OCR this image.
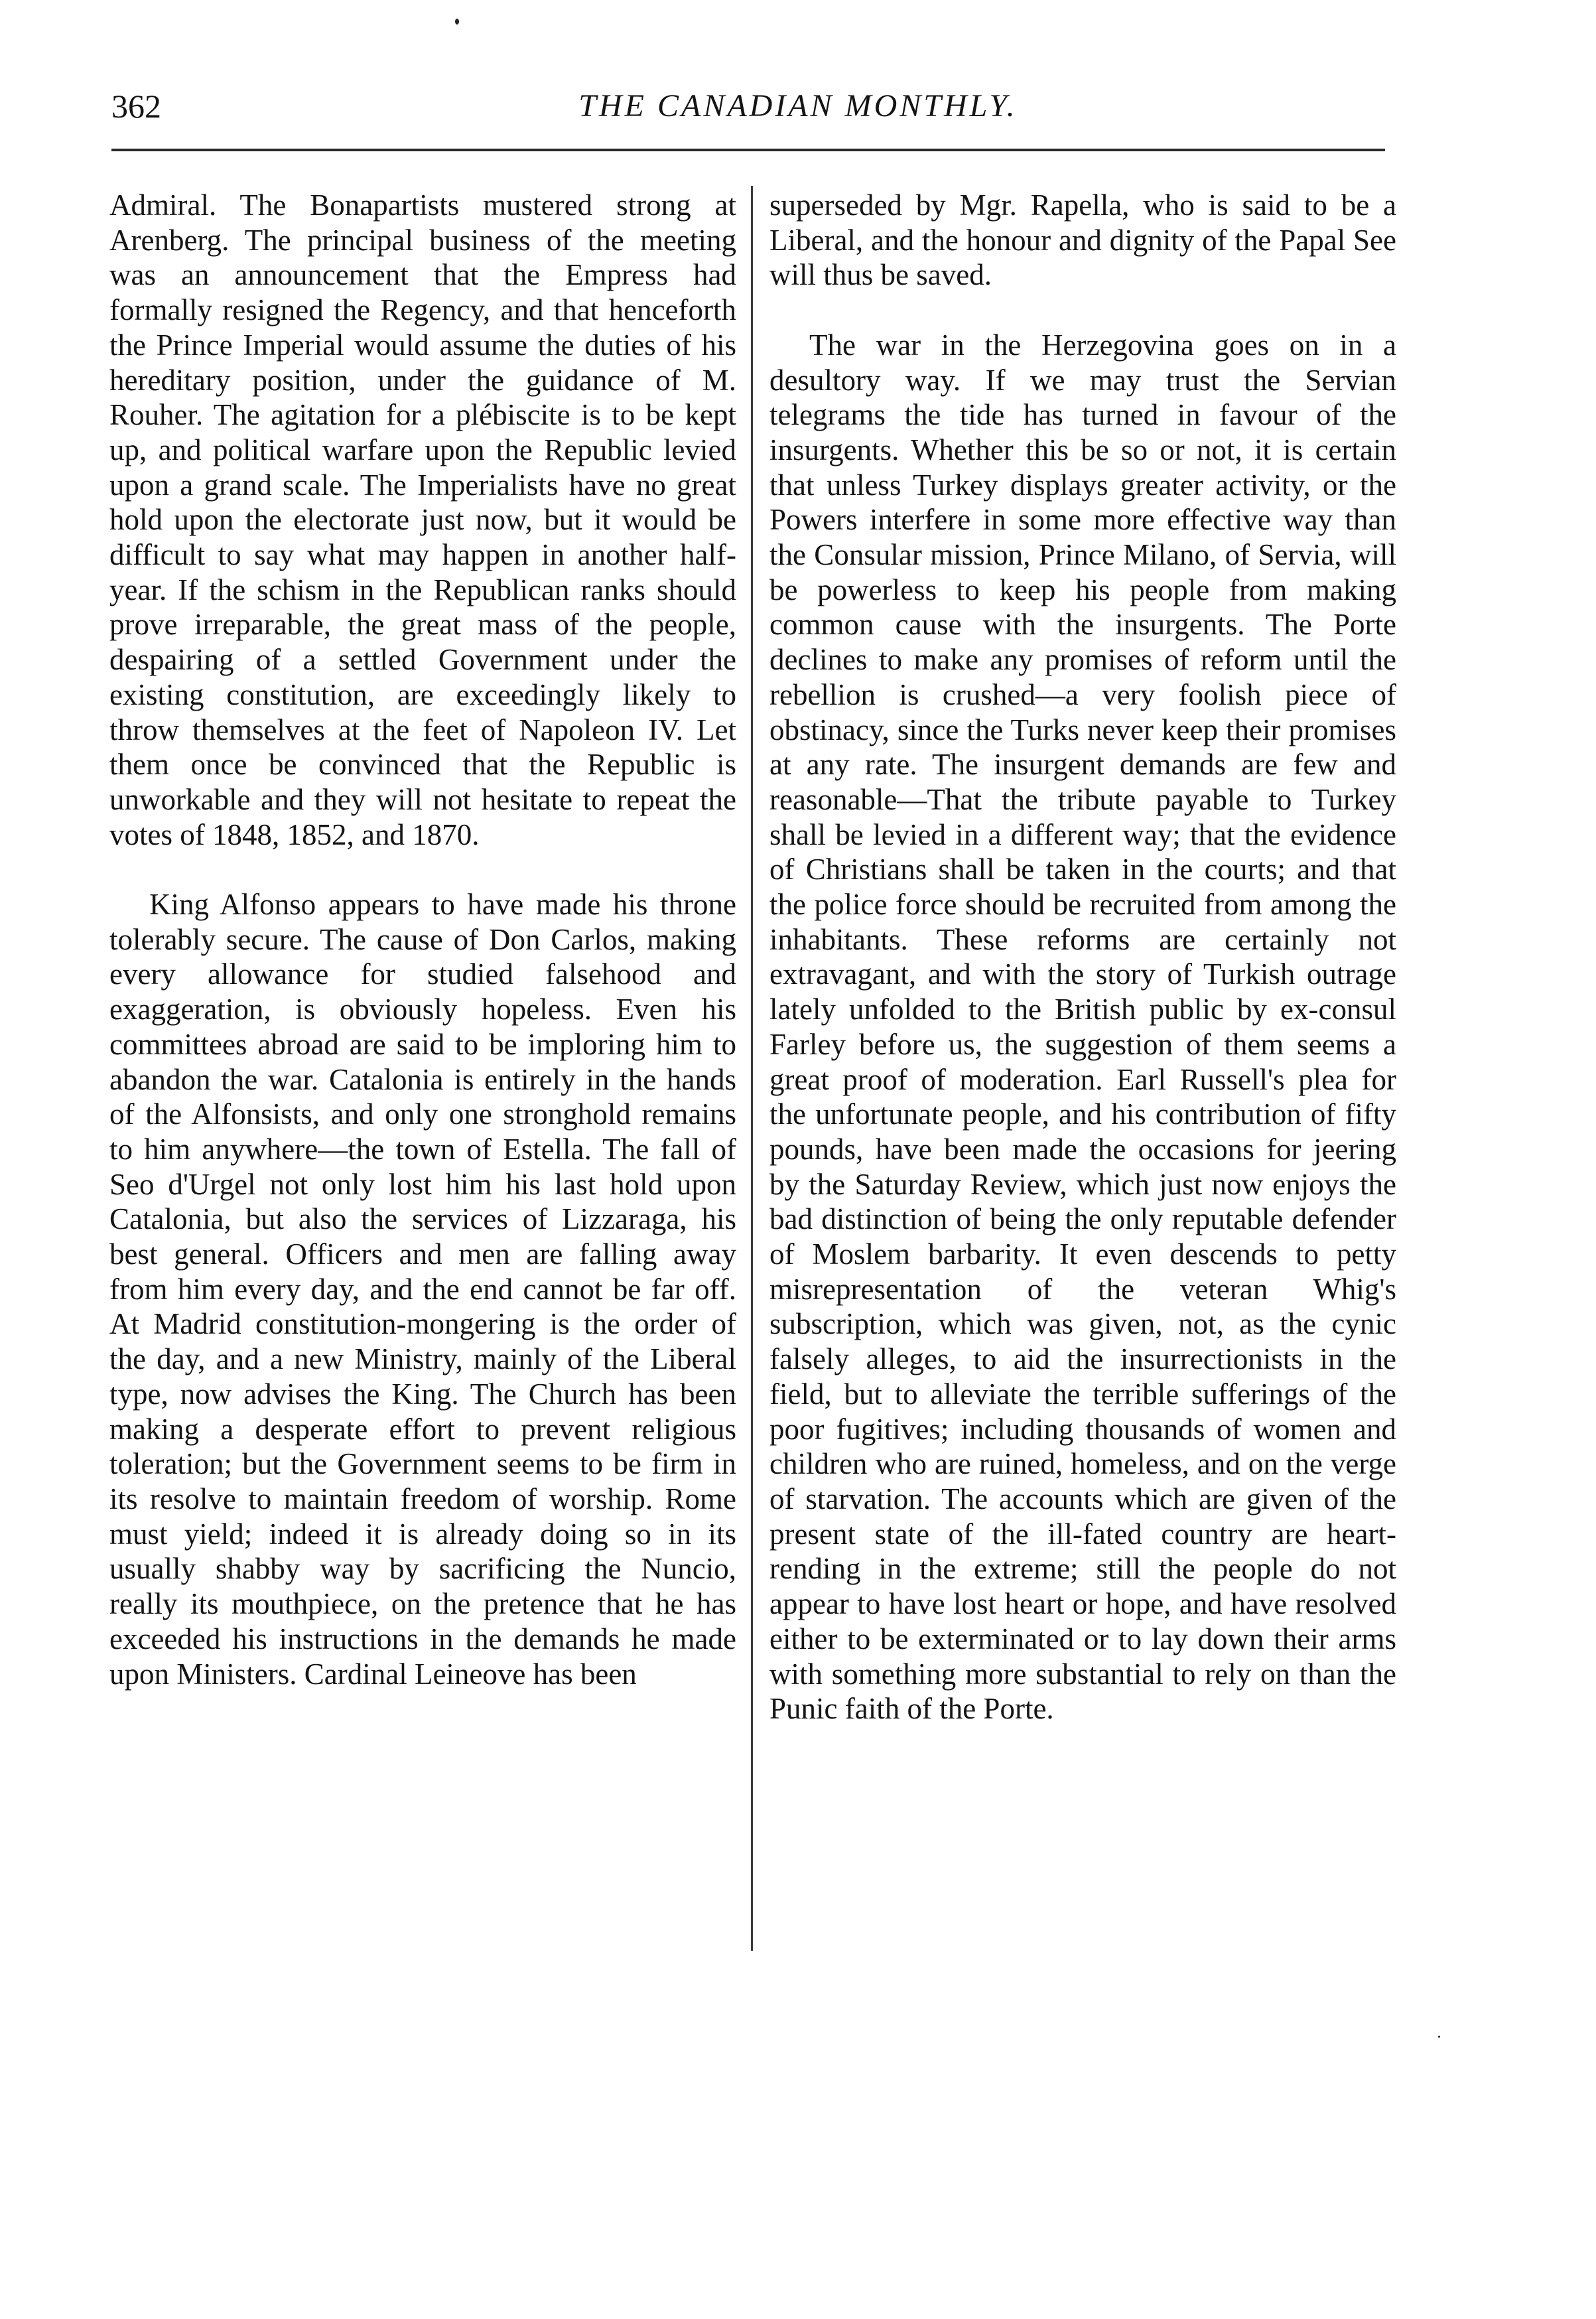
362	THE CANADIAN MONTHLY.

Admiral. The Bonapartists mustered strong at Arenberg. The principal business of the meeting was an announcement that the Empress had formally resigned the Regency, and that henceforth the Prince Imperial would assume the duties of his hereditary position, under the guidance of M. Rouher. The agitation for a plébiscite is to be kept up, and political warfare upon the Republic levied upon a grand scale. The Imperialists have no great hold upon the electorate just now, but it would be difficult to say what may happen in another half-year. If the schism in the Republican ranks should prove irreparable, the great mass of the people, despairing of a settled Government under the existing constitution, are exceedingly likely to throw themselves at the feet of Napoleon IV. Let them once be convinced that the Republic is unworkable and they will not hesitate to repeat the votes of 1848, 1852, and 1870.

King Alfonso appears to have made his throne tolerably secure. The cause of Don Carlos, making every allowance for studied falsehood and exaggeration, is obviously hopeless. Even his committees abroad are said to be imploring him to abandon the war. Catalonia is entirely in the hands of the Alfonsists, and only one stronghold remains to him anywhere—the town of Estella. The fall of Seo d'Urgel not only lost him his last hold upon Catalonia, but also the services of Lizzaraga, his best general. Officers and men are falling away from him every day, and the end cannot be far off. At Madrid constitution-mongering is the order of the day, and a new Ministry, mainly of the Liberal type, now advises the King. The Church has been making a desperate effort to prevent religious toleration; but the Government seems to be firm in its resolve to maintain freedom of worship. Rome must yield; indeed it is already doing so in its usually shabby way by sacrificing the Nuncio, really its mouthpiece, on the pretence that he has exceeded his instructions in the demands he made upon Ministers. Cardinal Leineove has been

superseded by Mgr. Rapella, who is said to be a Liberal, and the honour and dignity of the Papal See will thus be saved.

The war in the Herzegovina goes on in a desultory way. If we may trust the Servian telegrams the tide has turned in favour of the insurgents. Whether this be so or not, it is certain that unless Turkey displays greater activity, or the Powers interfere in some more effective way than the Consular mission, Prince Milano, of Servia, will be powerless to keep his people from making common cause with the insurgents. The Porte declines to make any promises of reform until the rebellion is crushed—a very foolish piece of obstinacy, since the Turks never keep their promises at any rate. The insurgent demands are few and reasonable—That the tribute payable to Turkey shall be levied in a different way; that the evidence of Christians shall be taken in the courts; and that the police force should be recruited from among the inhabitants. These reforms are certainly not extravagant, and with the story of Turkish outrage lately unfolded to the British public by ex-consul Farley before us, the suggestion of them seems a great proof of moderation. Earl Russell's plea for the unfortunate people, and his contribution of fifty pounds, have been made the occasions for jeering by the Saturday Review, which just now enjoys the bad distinction of being the only reputable defender of Moslem barbarity. It even descends to petty misrepresentation of the veteran Whig's subscription, which was given, not, as the cynic falsely alleges, to aid the insurrectionists in the field, but to alleviate the terrible sufferings of the poor fugitives; including thousands of women and children who are ruined, homeless, and on the verge of starvation. The accounts which are given of the present state of the ill-fated country are heart-rending in the extreme; still the people do not appear to have lost heart or hope, and have resolved either to be exterminated or to lay down their arms with something more substantial to rely on than the Punic faith of the Porte.
